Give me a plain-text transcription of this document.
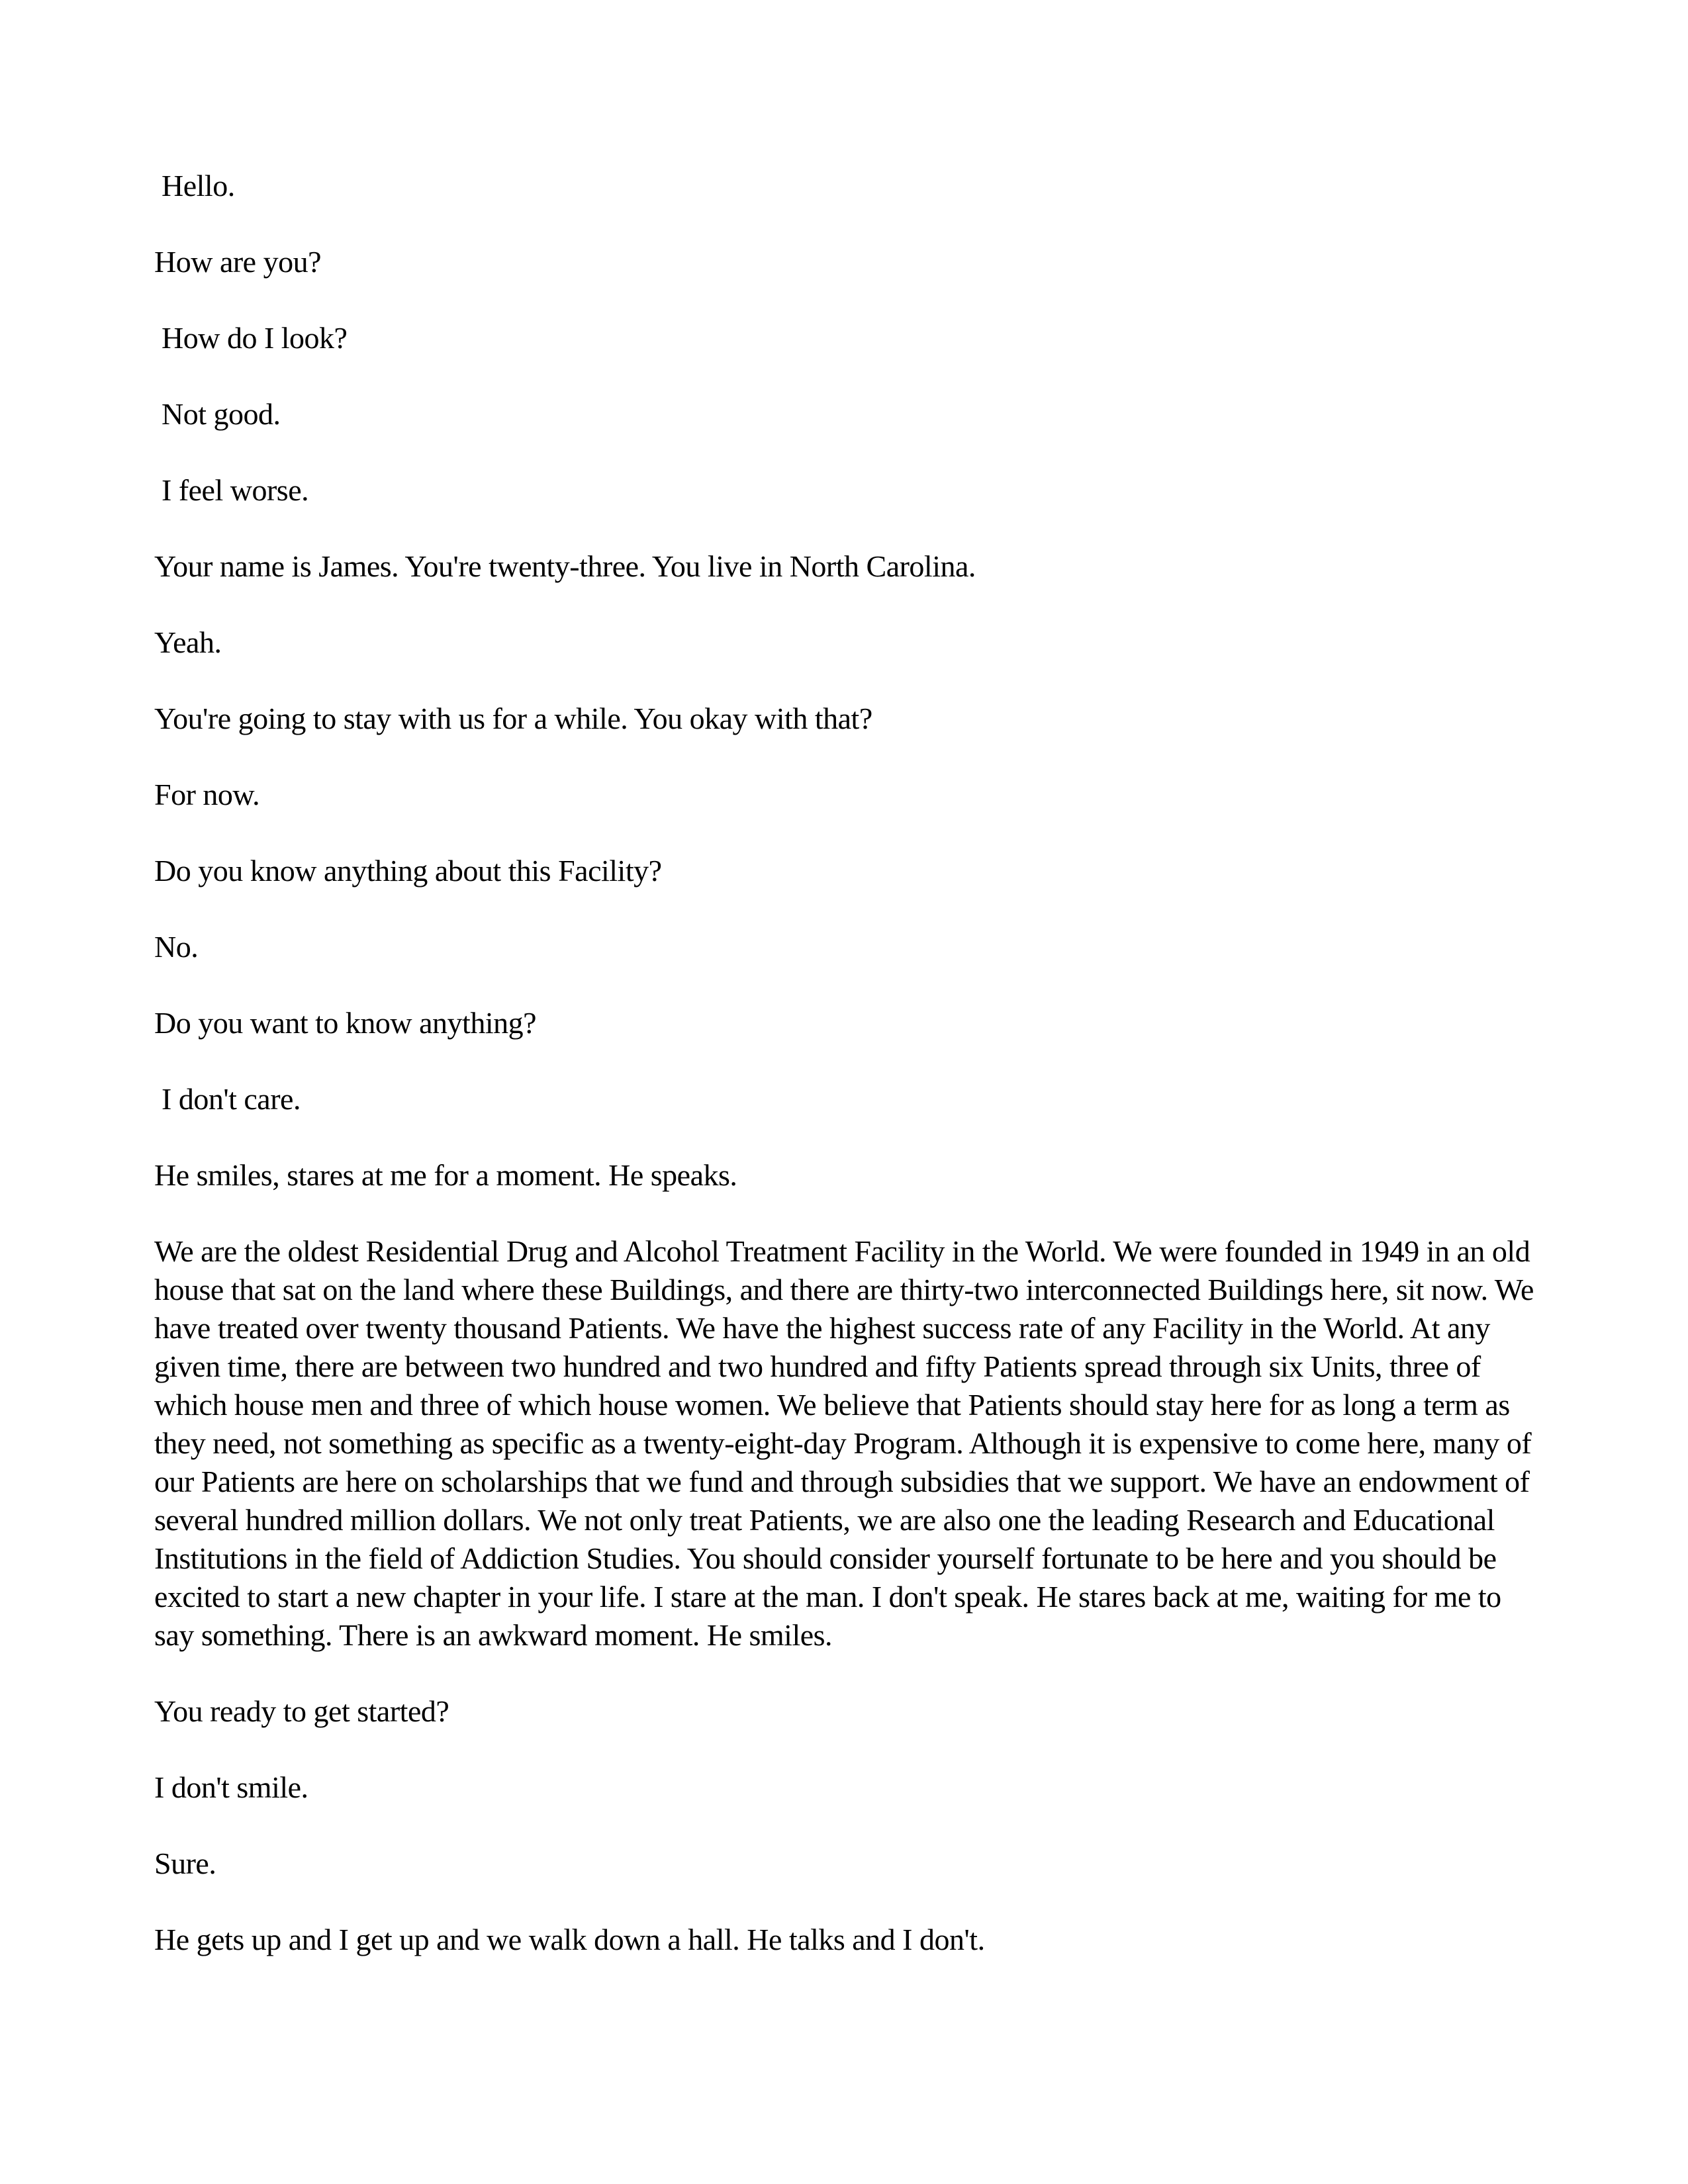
Hello.

How are you?

How do I look?

Not good.

I feel worse.

Your name is James. You're twenty-three. You live in North Carolina.

Yeah.

You're going to stay with us for a while. You okay with that?

For now.

Do you know anything about this Facility?

No.

Do you want to know anything?

I don't care.

He smiles, stares at me for a moment. He speaks.

We are the oldest Residential Drug and Alcohol Treatment Facility in the World. We were founded in 1949 in an old house that sat on the land where these Buildings, and there are thirty-two interconnected Buildings here, sit now. We have treated over twenty thousand Patients. We have the highest success rate of any Facility in the World. At any given time, there are between two hundred and two hundred and fifty Patients spread through six Units, three of which house men and three of which house women. We believe that Patients should stay here for as long a term as they need, not something as specific as a twenty-eight-day Program. Although it is expensive to come here, many of our Patients are here on scholarships that we fund and through subsidies that we support. We have an endowment of several hundred million dollars. We not only treat Patients, we are also one the leading Research and Educational Institutions in the field of Addiction Studies. You should consider yourself fortunate to be here and you should be excited to start a new chapter in your life. I stare at the man. I don't speak. He stares back at me, waiting for me to say something. There is an awkward moment. He smiles.

You ready to get started?

I don't smile.

Sure.

He gets up and I get up and we walk down a hall. He talks and I don't.
